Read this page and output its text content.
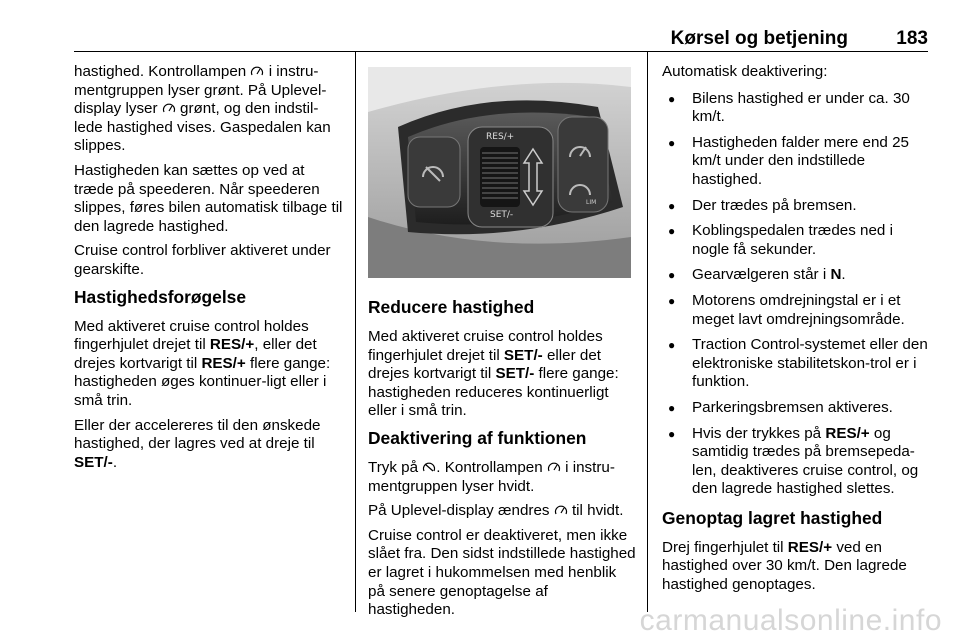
Kørsel og betjening	183

hastighed. Kontrollampen  i instru-mentgruppen lyser grønt. På Uplevel-display lyser  grønt, og den indstil-lede hastighed vises. Gaspedalen kan slippes.

Hastigheden kan sættes op ved at træde på speederen. Når speederen slippes, føres bilen automatisk tilbage til den lagrede hastighed.

Cruise control forbliver aktiveret under gearskifte.

Hastighedsforøgelse

Med aktiveret cruise control holdes fingerhjulet drejet til RES/+, eller det drejes kortvarigt til RES/+ flere gange: hastigheden øges kontinuer-ligt eller i små trin.

Eller der accelereres til den ønskede hastighed, der lagres ved at dreje til SET/-.

RES/+
SET/-
LIM
Reducere hastighed

Med aktiveret cruise control holdes fingerhjulet drejet til SET/- eller det drejes kortvarigt til SET/- flere gange: hastigheden reduceres kontinuerligt eller i små trin.

Deaktivering af funktionen

Tryk på . Kontrollampen  i instru-mentgruppen lyser hvidt.

På Uplevel-display ændres  til hvidt.

Cruise control er deaktiveret, men ikke slået fra. Den sidst indstillede hastighed er lagret i hukommelsen med henblik på senere genoptagelse af hastigheden.

Automatisk deaktivering:

● Bilens hastighed er under ca. 30 km/t.
● Hastigheden falder mere end 25 km/t under den indstillede hastighed.
● Der trædes på bremsen.
● Koblingspedalen trædes ned i nogle få sekunder.
● Gearvælgeren står i N.
● Motorens omdrejningstal er i et meget lavt omdrejningsområde.
● Traction Control-systemet eller den elektroniske stabilitetskon-trol er i funktion.
● Parkeringsbremsen aktiveres.
● Hvis der trykkes på RES/+ og samtidig trædes på bremsepeda-len, deaktiveres cruise control, og den lagrede hastighed slettes.
Genoptag lagret hastighed

Drej fingerhjulet til RES/+ ved en hastighed over 30 km/t. Den lagrede hastighed genoptages.

carmanualsonline.info
